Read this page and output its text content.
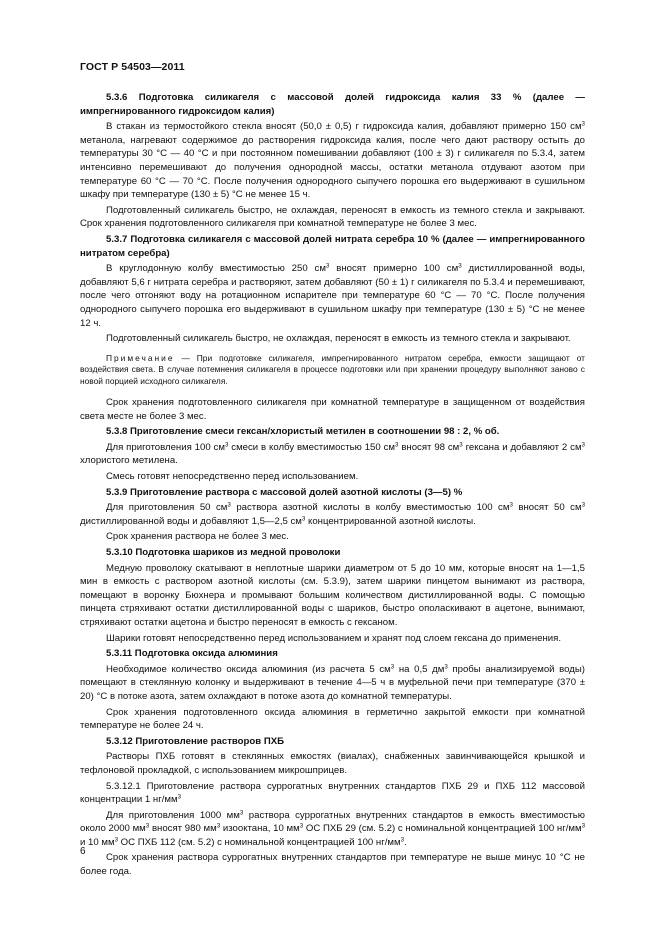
ГОСТ Р 54503—2011
5.3.6 Подготовка силикагеля с массовой долей гидроксида калия 33 % (далее — импрегнированного гидроксидом калия)
В стакан из термостойкого стекла вносят (50,0 ± 0,5) г гидроксида калия, добавляют примерно 150 $см^3$ метанола, нагревают содержимое до растворения гидроксида калия, после чего дают раствору остыть до температуры 30 °С — 40 °С и при постоянном помешивании добавляют (100 ± 3) г силикагеля по 5.3.4, затем интенсивно перемешивают до получения однородной массы, остатки метанола отдувают азотом при температуре 60 °С — 70 °С. После получения однородного сыпучего порошка его выдерживают в сушильном шкафу при температуре (130 ± 5) °С не менее 15 ч.
Подготовленный силикагель быстро, не охлаждая, переносят в емкость из темного стекла и закрывают. Срок хранения подготовленного силикагеля при комнатной температуре не более 3 мес.
5.3.7 Подготовка силикагеля с массовой долей нитрата серебра 10 % (далее — импрегнированного нитратом серебра)
В круглодонную колбу вместимостью 250 $см^3$ вносят примерно 100 $см^3$ дистиллированной воды, добавляют 5,6 г нитрата серебра и растворяют, затем добавляют (50 ± 1) г силикагеля по 5.3.4 и перемешивают, после чего отгоняют воду на ротационном испарителе при температуре 60 °С — 70 °С. После получения однородного сыпучего порошка его выдерживают в сушильном шкафу при температуре (130 ± 5) °С не менее 12 ч.
Подготовленный силикагель быстро, не охлаждая, переносят в емкость из темного стекла и закрывают.
Примечание — При подготовке силикагеля, импрегнированного нитратом серебра, емкости защищают от воздействия света. В случае потемнения силикагеля в процессе подготовки или при хранении процедуру выполняют заново с новой порцией исходного силикагеля.
Срок хранения подготовленного силикагеля при комнатной температуре в защищенном от воздействия света месте не более 3 мес.
5.3.8 Приготовление смеси гексан/хлористый метилен в соотношении 98 : 2, % об.
Для приготовления 100 $см^3$ смеси в колбу вместимостью 150 $см^3$ вносят 98 $см^3$ гексана и добавляют 2 $см^3$ хлористого метилена.
Смесь готовят непосредственно перед использованием.
5.3.9 Приготовление раствора с массовой долей азотной кислоты (3—5) %
Для приготовления 50 $см^3$ раствора азотной кислоты в колбу вместимостью 100 $см^3$ вносят 50 $см^3$ дистиллированной воды и добавляют 1,5—2,5 $см^3$ концентрированной азотной кислоты.
Срок хранения раствора не более 3 мес.
5.3.10 Подготовка шариков из медной проволоки
Медную проволоку скатывают в неплотные шарики диаметром от 5 до 10 мм, которые вносят на 1—1,5 мин в емкость с раствором азотной кислоты (см. 5.3.9), затем шарики пинцетом вынимают из раствора, помещают в воронку Бюхнера и промывают большим количеством дистиллированной воды. С помощью пинцета стряхивают остатки дистиллированной воды с шариков, быстро ополаскивают в ацетоне, вынимают, стряхивают остатки ацетона и быстро переносят в емкость с гексаном.
Шарики готовят непосредственно перед использованием и хранят под слоем гексана до применения.
5.3.11 Подготовка оксида алюминия
Необходимое количество оксида алюминия (из расчета 5 $см^3$ на 0,5 $дм^3$ пробы анализируемой воды) помещают в стеклянную колонку и выдерживают в течение 4—5 ч в муфельной печи при температуре (370 ± 20) °С в потоке азота, затем охлаждают в потоке азота до комнатной температуры.
Срок хранения подготовленного оксида алюминия в герметично закрытой емкости при комнатной температуре не более 24 ч.
5.3.12 Приготовление растворов ПХБ
Растворы ПХБ готовят в стеклянных емкостях (виалах), снабженных завинчивающейся крышкой и тефлоновой прокладкой, с использованием микрошприцев.
5.3.12.1 Приготовление раствора суррогатных внутренних стандартов ПХБ 29 и ПХБ 112 массовой концентрации 1 $нг/мм^3$
Для приготовления 1000 $мм^3$ раствора суррогатных внутренних стандартов в емкость вместимостью около 2000 $мм^3$ вносят 980 $мм^3$ изооктана, 10 $мм^3$ ОС ПХБ 29 (см. 5.2) с номинальной концентрацией 100 $нг/мм^3$ и 10 $мм^3$ ОС ПХБ 112 (см. 5.2) с номинальной концентрацией 100 $нг/мм^3$.
Срок хранения раствора суррогатных внутренних стандартов при температуре не выше минус 10 °С не более года.
6
